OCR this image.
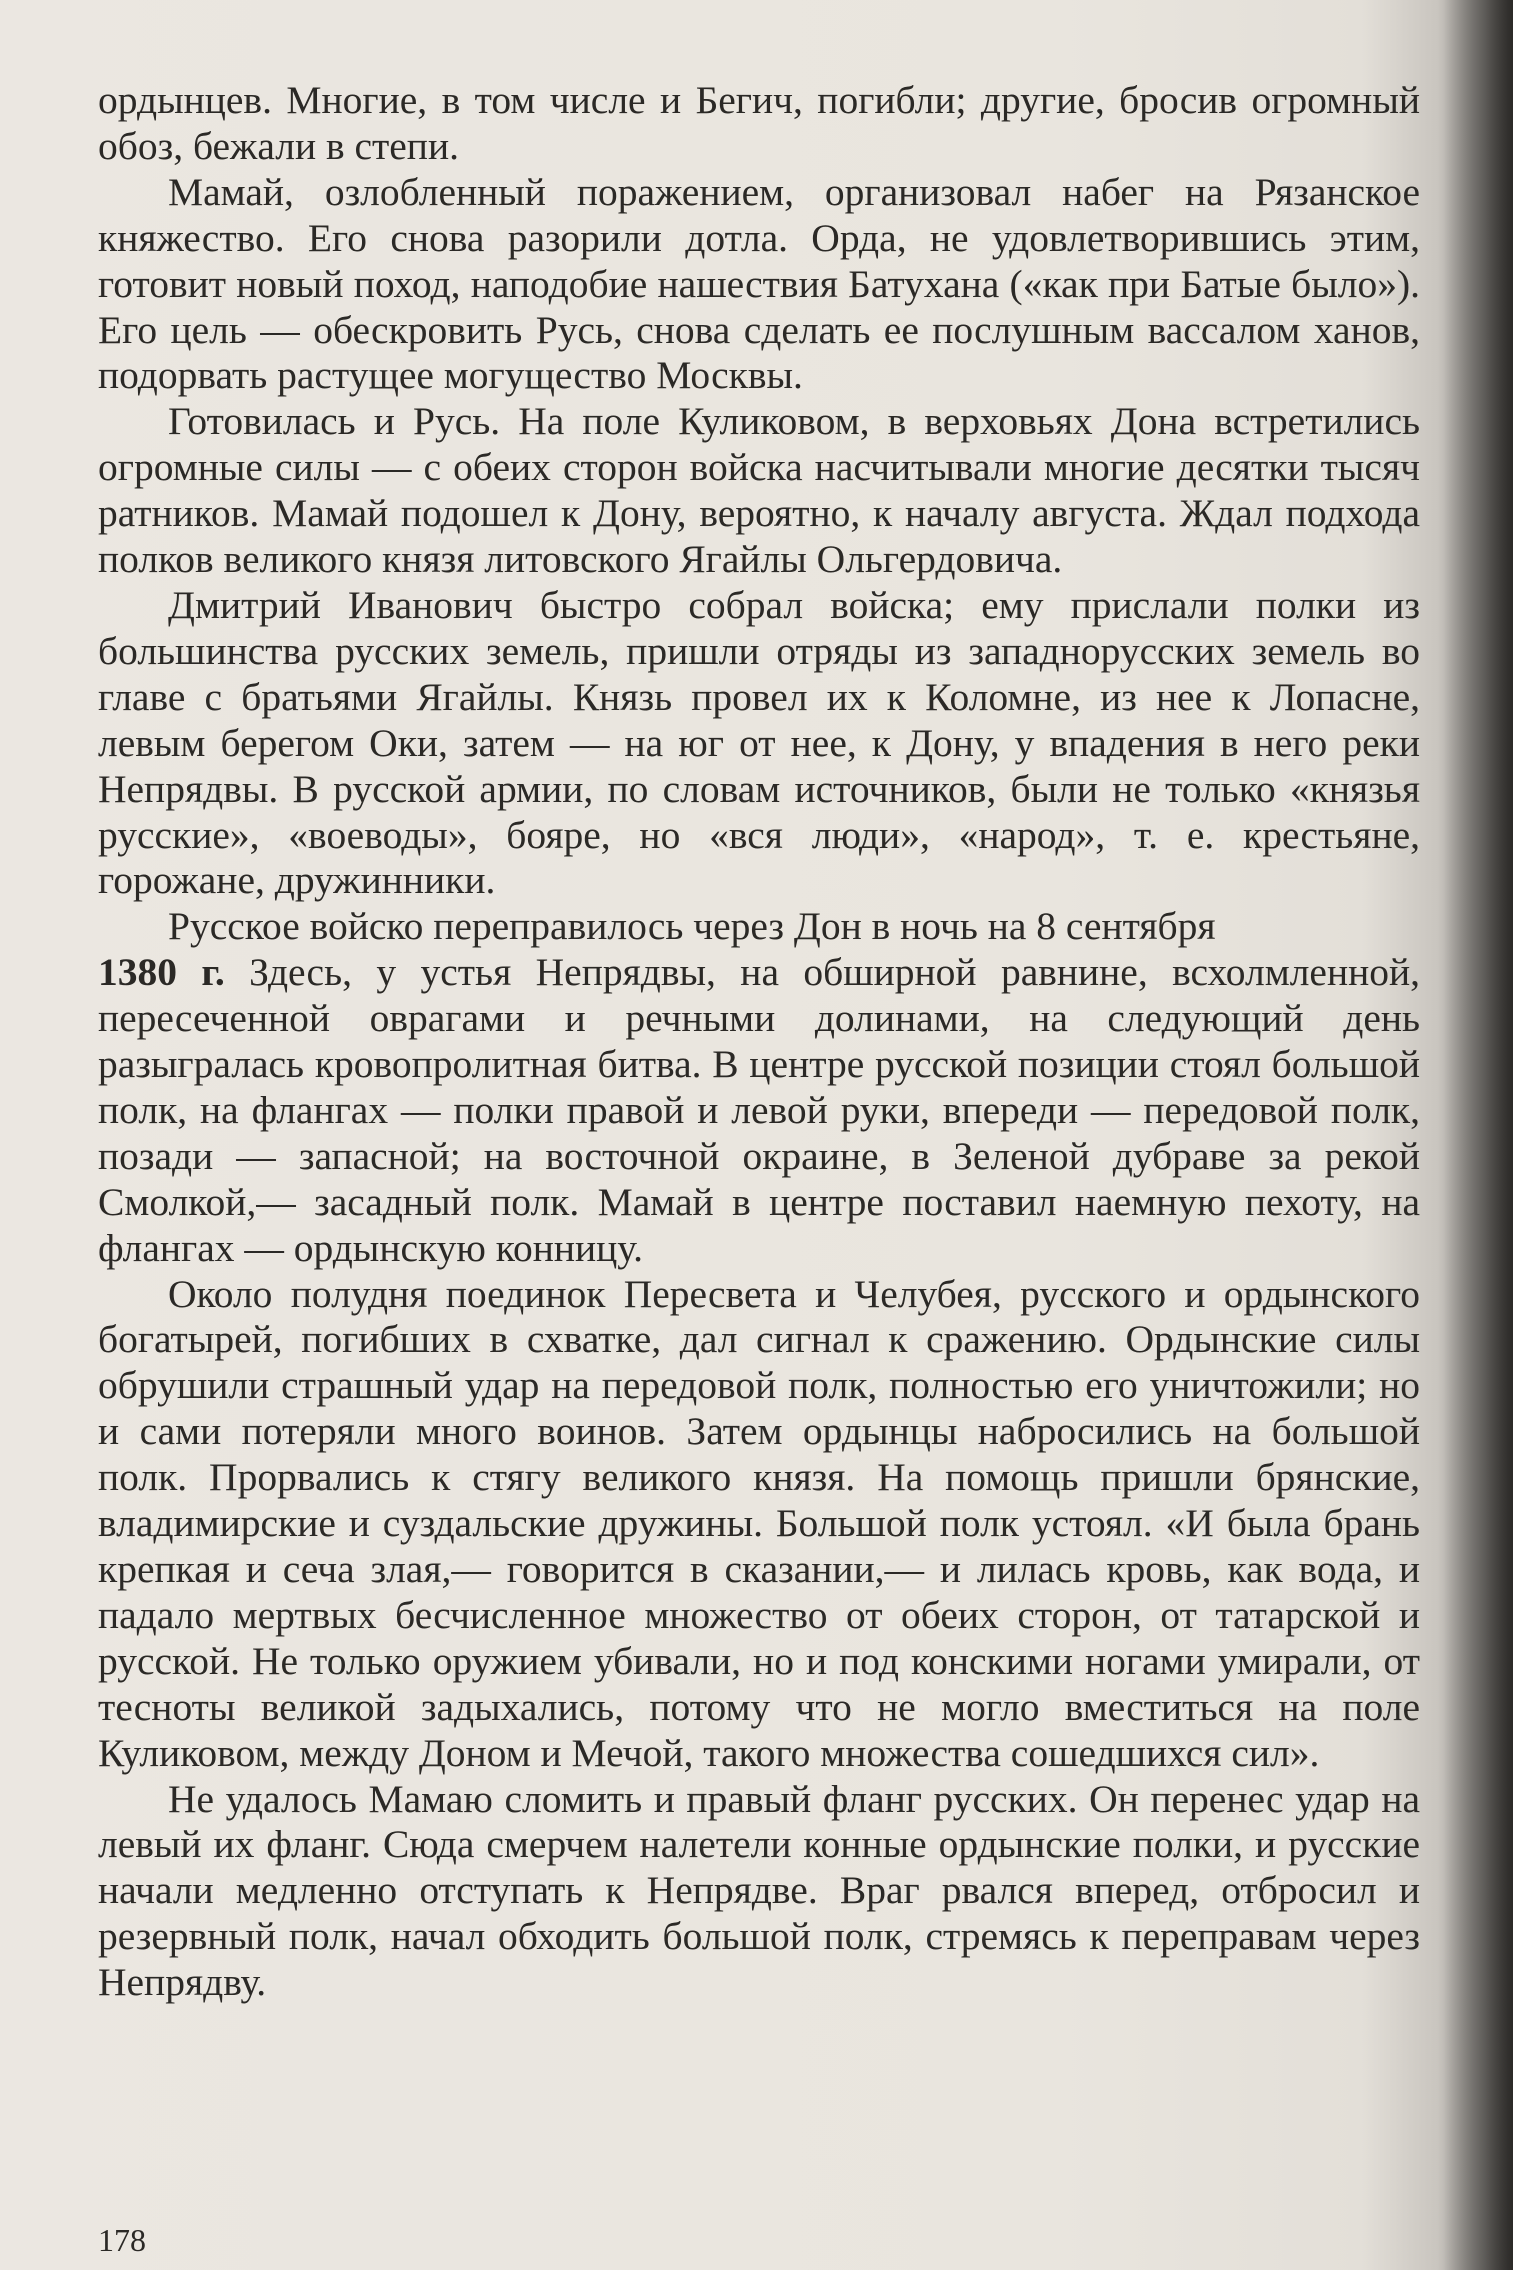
ордынцев. Многие, в том числе и Бегич, погибли; другие, бросив огромный обоз, бежали в степи.

Мамай, озлобленный поражением, организовал набег на Рязанское княжество. Его снова разорили дотла. Орда, не удовлетворившись этим, готовит новый поход, наподобие нашествия Батухана («как при Батые было»). Его цель — обескровить Русь, снова сделать ее послушным вассалом ханов, подорвать растущее могущество Москвы.

Готовилась и Русь. На поле Куликовом, в верховьях Дона встретились огромные силы — с обеих сторон войска насчитывали многие десятки тысяч ратников. Мамай подошел к Дону, вероятно, к началу августа. Ждал подхода полков великого князя литовского Ягайлы Ольгердовича.

Дмитрий Иванович быстро собрал войска; ему прислали полки из большинства русских земель, пришли отряды из западнорусских земель во главе с братьями Ягайлы. Князь провел их к Коломне, из нее к Лопасне, левым берегом Оки, затем — на юг от нее, к Дону, у впадения в него реки Непрядвы. В русской армии, по словам источников, были не только «князья русские», «воеводы», бояре, но «вся люди», «народ», т. е. крестьяне, горожане, дружинники.

Русское войско переправилось через Дон в ночь на 8 сентября

1380 г. Здесь, у устья Непрядвы, на обширной равнине, всхолмленной, пересеченной оврагами и речными долинами, на следующий день разыгралась кровопролитная битва. В центре русской позиции стоял большой полк, на флангах — полки правой и левой руки, впереди — передовой полк, позади — запасной; на восточной окраине, в Зеленой дубраве за рекой Смолкой,— засадный полк. Мамай в центре поставил наемную пехоту, на флангах — ордынскую конницу.

Около полудня поединок Пересвета и Челубея, русского и ордынского богатырей, погибших в схватке, дал сигнал к сражению. Ордынские силы обрушили страшный удар на передовой полк, полностью его уничтожили; но и сами потеряли много воинов. Затем ордынцы набросились на большой полк. Прорвались к стягу великого князя. На помощь пришли брянские, владимирские и суздальские дружины. Большой полк устоял. «И была брань крепкая и сеча злая,— говорится в сказании,— и лилась кровь, как вода, и падало мертвых бесчисленное множество от обеих сторон, от татарской и русской. Не только оружием убивали, но и под конскими ногами умирали, от тесноты великой задыхались, потому что не могло вместиться на поле Куликовом, между Доном и Мечой, такого множества сошедшихся сил».

Не удалось Мамаю сломить и правый фланг русских. Он перенес удар на левый их фланг. Сюда смерчем налетели конные ордынские полки, и русские начали медленно отступать к Непрядве. Враг рвался вперед, отбросил и резервный полк, начал обходить большой полк, стремясь к переправам через Непрядву.

178
